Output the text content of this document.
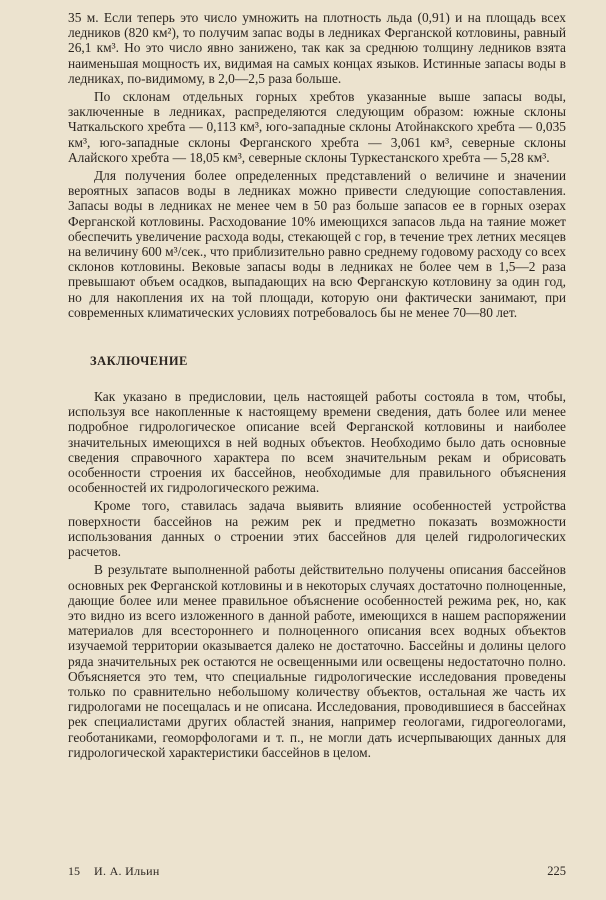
35 м. Если теперь это число умножить на плотность льда (0,91) и на площадь всех ледников (820 км²), то получим запас воды в ледниках Ферганской котловины, равный 26,1 км³. Но это число явно занижено, так как за среднюю толщину ледников взята наименьшая мощность их, видимая на самых концах языков. Истинные запасы воды в ледниках, по-видимому, в 2,0—2,5 раза больше.

По склонам отдельных горных хребтов указанные выше запасы воды, заключенные в ледниках, распределяются следующим образом: южные склоны Чаткальского хребта — 0,113 км³, юго-западные склоны Атойнакского хребта — 0,035 км³, юго-западные склоны Ферганского хребта — 3,061 км³, северные склоны Алайского хребта — 18,05 км³, северные склоны Туркестанского хребта — 5,28 км³.

Для получения более определенных представлений о величине и значении вероятных запасов воды в ледниках можно привести следующие сопоставления. Запасы воды в ледниках не менее чем в 50 раз больше запасов ее в горных озерах Ферганской котловины. Расходование 10% имеющихся запасов льда на таяние может обеспечить увеличение расхода воды, стекающей с гор, в течение трех летних месяцев на величину 600 м³/сек., что приблизительно равно среднему годовому расходу со всех склонов котловины. Вековые запасы воды в ледниках не более чем в 1,5—2 раза превышают объем осадков, выпадающих на всю Ферганскую котловину за один год, но для накопления их на той площади, которую они фактически занимают, при современных климатических условиях потребовалось бы не менее 70—80 лет.

ЗАКЛЮЧЕНИЕ

Как указано в предисловии, цель настоящей работы состояла в том, чтобы, используя все накопленные к настоящему времени сведения, дать более или менее подробное гидрологическое описание всей Ферганской котловины и наиболее значительных имеющихся в ней водных объектов. Необходимо было дать основные сведения справочного характера по всем значительным рекам и обрисовать особенности строения их бассейнов, необходимые для правильного объяснения особенностей их гидрологического режима.

Кроме того, ставилась задача выявить влияние особенностей устройства поверхности бассейнов на режим рек и предметно показать возможности использования данных о строении этих бассейнов для целей гидрологических расчетов.

В результате выполненной работы действительно получены описания бассейнов основных рек Ферганской котловины и в некоторых случаях достаточно полноценные, дающие более или менее правильное объяснение особенностей режима рек, но, как это видно из всего изложенного в данной работе, имеющихся в нашем распоряжении материалов для всестороннего и полноценного описания всех водных объектов изучаемой территории оказывается далеко не достаточно. Бассейны и долины целого ряда значительных рек остаются не освещенными или освещены недостаточно полно. Объясняется это тем, что специальные гидрологические исследования проведены только по сравнительно небольшому количеству объектов, остальная же часть их гидрологами не посещалась и не описана. Исследования, проводившиеся в бассейнах рек специалистами других областей знания, например геологами, гидрогеологами, геоботаниками, геоморфологами и т. п., не могли дать исчерпывающих данных для гидрологической характеристики бассейнов в целом.

15	И. А. Ильин	225
